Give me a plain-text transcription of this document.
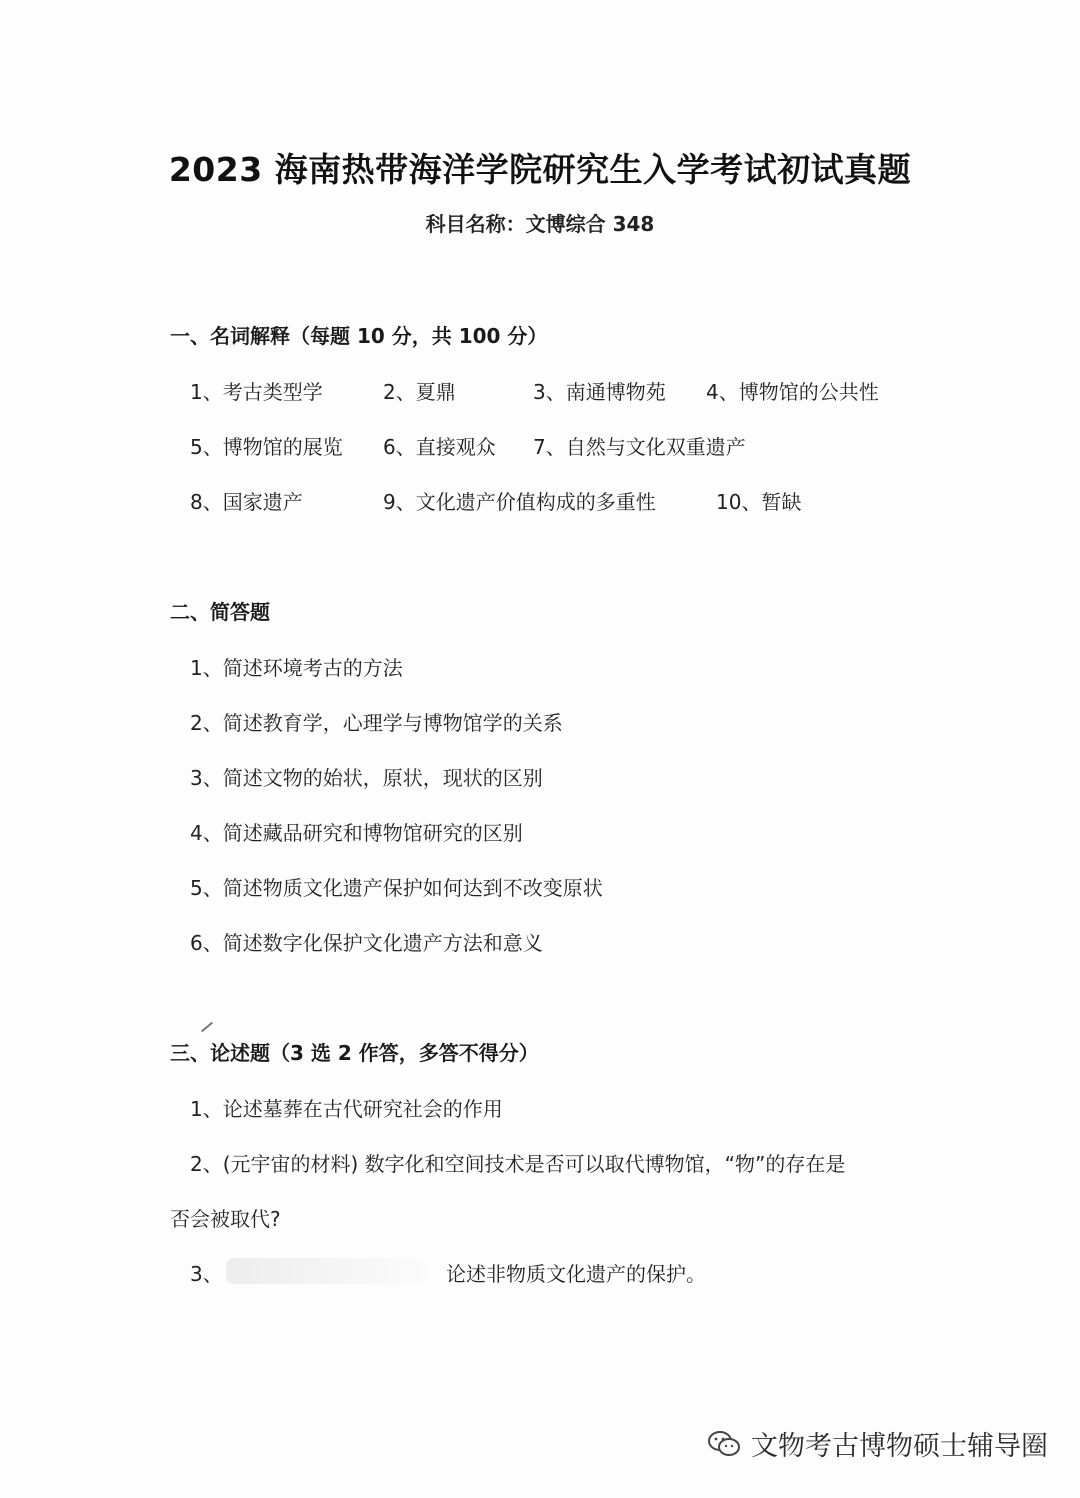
2023 海南热带海洋学院研究生入学考试初试真题
科目名称：文博综合 348
一、名词解释（每题 10 分，共 100 分）
1、考古类型学	2、夏鼎	3、南通博物苑 4、博物馆的公共性
5、博物馆的展览 6、直接观众 7、自然与文化双重遗产
8、国家遗产	9、文化遗产价值构成的多重性	10、暂缺
二、简答题
1、简述环境考古的方法
2、简述教育学，心理学与博物馆学的关系
3、简述文物的始状，原状，现状的区别
4、简述藏品研究和博物馆研究的区别
5、简述物质文化遗产保护如何达到不改变原状
6、简述数字化保护文化遗产方法和意义
三、论述题（3 选 2 作答，多答不得分）
1、论述墓葬在古代研究社会的作用
2、(元宇宙的材料) 数字化和空间技术是否可以取代博物馆，“物”的存在是
否会被取代?
3、	论述非物质文化遗产的保护。
文物考古博物硕士辅导圈
